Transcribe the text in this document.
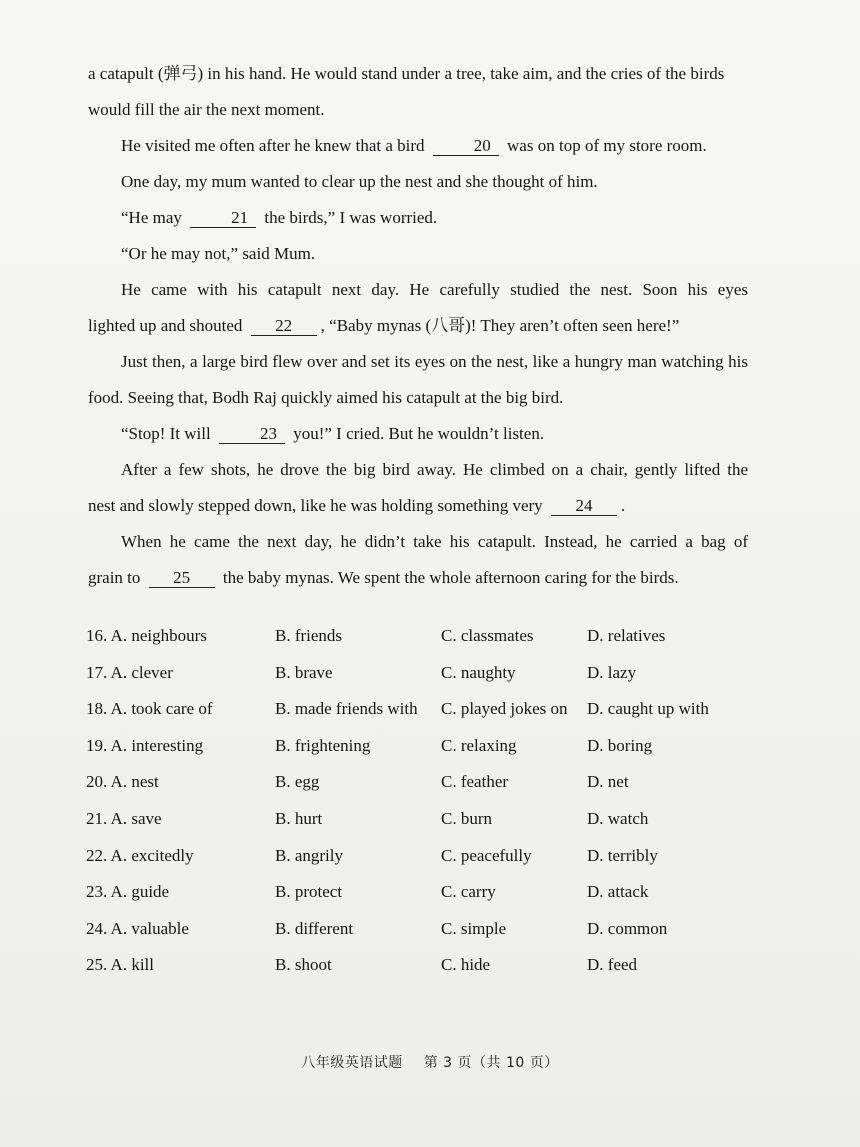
a catapult (弹弓) in his hand. He would stand under a tree, take aim, and the cries of the birds would fill the air the next moment.

He visited me often after he knew that a bird	20 was on top of my store room.

One day, my mum wanted to clear up the nest and she thought of him.

“He may	21 the birds,” I was worried.

“Or he may not,” said Mum.

He came with his catapult next day. He carefully studied the nest. Soon his eyes

lighted up and shouted 22 , “Baby mynas (八哥)! They aren’t often seen here!”

Just then, a large bird flew over and set its eyes on the nest, like a hungry man watching his food. Seeing that, Bodh Raj quickly aimed his catapult at the big bird.

“Stop! It will	23 you!” I cried. But he wouldn’t listen.

After a few shots, he drove the big bird away. He climbed on a chair, gently lifted the

nest and slowly stepped down, like he was holding something very 24 .

When he came the next day, he didn’t take his catapult. Instead, he carried a bag of

grain to 25 the baby mynas. We spent the whole afternoon caring for the birds.

16. A. neighbours	B. friends	C. classmates	D. relatives
17. A. clever	B. brave	C. naughty	D. lazy
18. A. took care of	B. made friends with C. played jokes on D. caught up with
19. A. interesting	B. frightening	C. relaxing	D. boring
20. A. nest	B. egg	C. feather	D. net
21. A. save	B. hurt	C. burn	D. watch
22. A. excitedly	B. angrily	C. peacefully	D. terribly
23. A. guide	B. protect	C. carry	D. attack
24. A. valuable	B. different	C. simple	D. common
25. A. kill	B. shoot	C. hide	D. feed
八年级英语试题 第 3 页（共 10 页）
